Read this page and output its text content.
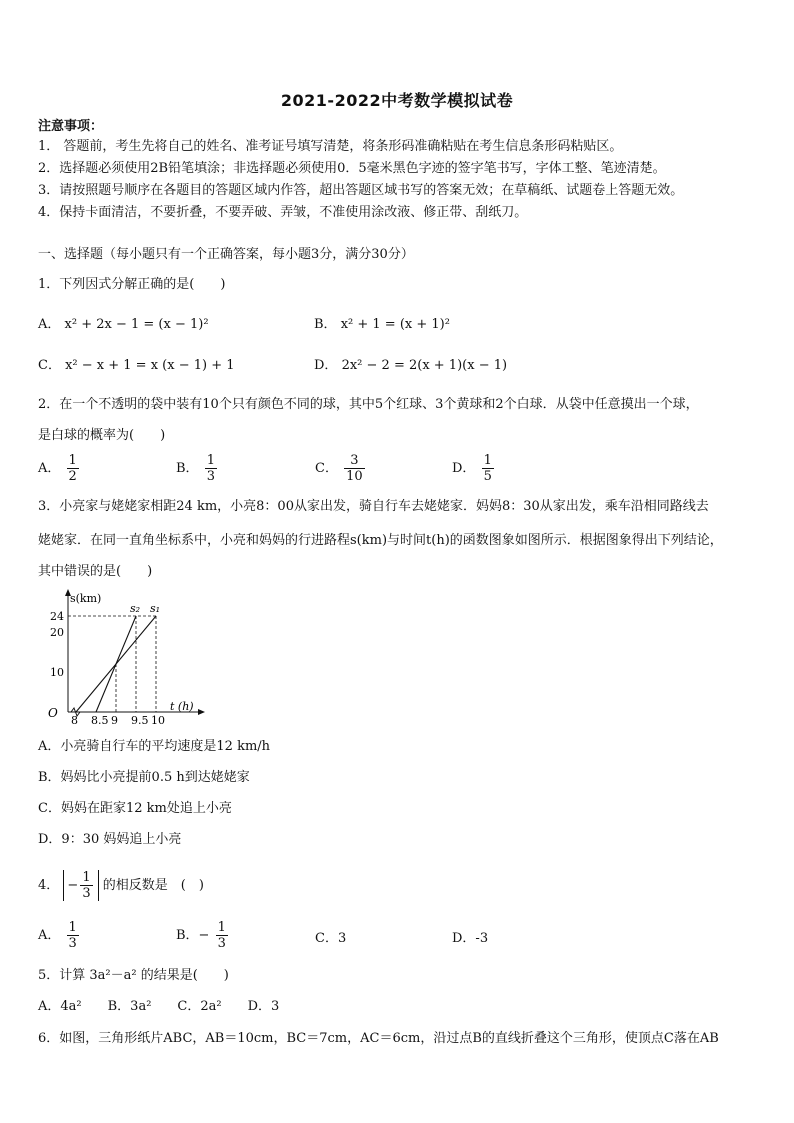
2021-2022中考数学模拟试卷
注意事项：
1． 答题前，考生先将自己的姓名、准考证号填写清楚，将条形码准确粘贴在考生信息条形码粘贴区。
2．选择题必须使用2B铅笔填涂；非选择题必须使用0．5毫米黑色字迹的签字笔书写，字体工整、笔迹清楚。
3．请按照题号顺序在各题目的答题区域内作答，超出答题区域书写的答案无效；在草稿纸、试题卷上答题无效。
4．保持卡面清洁，不要折叠，不要弄破、弄皱，不准使用涂改液、修正带、刮纸刀。
一、选择题（每小题只有一个正确答案，每小题3分，满分30分）
1．下列因式分解正确的是(　　)
A． x² + 2x − 1 = (x − 1)²	B． x² + 1 = (x + 1)²
C． x² − x + 1 = x (x − 1) + 1	D． 2x² − 2 = 2(x + 1)(x − 1)
2．在一个不透明的袋中装有10个只有颜色不同的球，其中5个红球、3个黄球和2个白球．从袋中任意摸出一个球，
是白球的概率为(　　)
A． $\frac{1}{2}$	B． $\frac{1}{3}$	C． $\frac{3}{10}$	D． $\frac{1}{5}$
3．小亮家与姥姥家相距24 km，小亮8：00从家出发，骑自行车去姥姥家．妈妈8：30从家出发，乘车沿相同路线去
姥姥家．在同一直角坐标系中，小亮和妈妈的行进路程s(km)与时间t(h)的函数图象如图所示．根据图象得出下列结论，
其中错误的是(　　)
O
s(km)
t (h)
8 8.5 9 9.5 10
10
20
24
s₁
s₂
A．小亮骑自行车的平均速度是12 km/h
B．妈妈比小亮提前0.5 h到达姥姥家
C．妈妈在距家12 km处追上小亮
D．9：30 妈妈追上小亮
4． − $\frac{1}{3}$ 的相反数是　(　)
A． $\frac{1}{3}$	B．− $\frac{1}{3}$	C．3	D．-3
5．计算 3a²－a² 的结果是(　　)
A．4a²　　B．3a²　　C．2a²　　D．3
6．如图，三角形纸片ABC，AB＝10cm，BC＝7cm，AC＝6cm，沿过点B的直线折叠这个三角形，使顶点C落在AB
